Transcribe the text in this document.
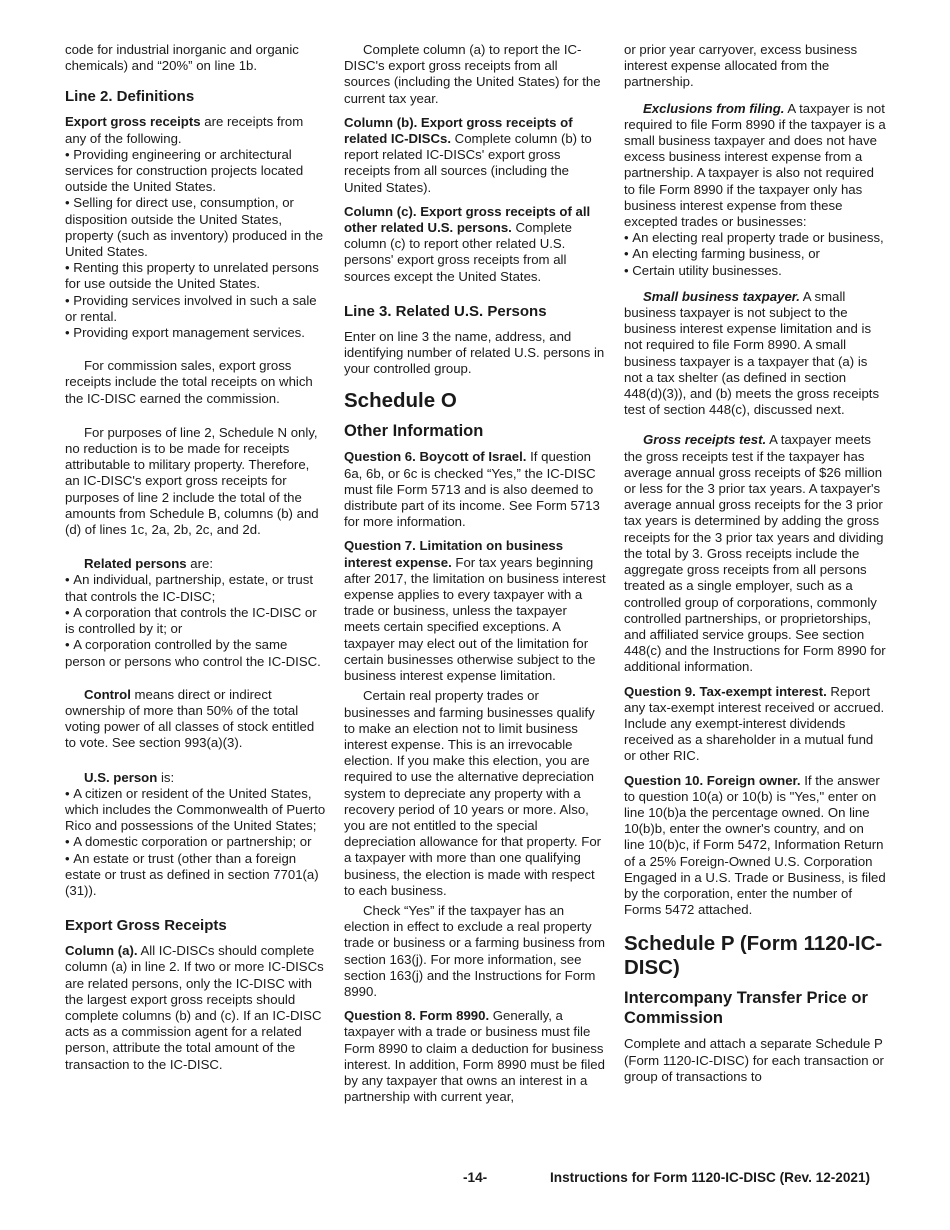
code for industrial inorganic and organic chemicals) and “20%” on line 1b.

Line 2. Definitions

Export gross receipts are receipts from any of the following.

• Providing engineering or architectural services for construction projects located outside the United States.
• Selling for direct use, consumption, or disposition outside the United States, property (such as inventory) produced in the United States.
• Renting this property to unrelated persons for use outside the United States.
• Providing services involved in such a sale or rental.
• Providing export management services.

For commission sales, export gross receipts include the total receipts on which the IC-DISC earned the commission.

For purposes of line 2, Schedule N only, no reduction is to be made for receipts attributable to military property. Therefore, an IC-DISC's export gross receipts for purposes of line 2 include the total of the amounts from Schedule B, columns (b) and (d) of lines 1c, 2a, 2b, 2c, and 2d.

Related persons are:

• An individual, partnership, estate, or trust that controls the IC-DISC;
• A corporation that controls the IC-DISC or is controlled by it; or
• A corporation controlled by the same person or persons who control the IC-DISC.

Control means direct or indirect ownership of more than 50% of the total voting power of all classes of stock entitled to vote. See section 993(a)(3).

U.S. person is:

• A citizen or resident of the United States, which includes the Commonwealth of Puerto Rico and possessions of the United States;
• A domestic corporation or partnership; or
• An estate or trust (other than a foreign estate or trust as defined in section 7701(a)(31)).
Export Gross Receipts

Column (a). All IC-DISCs should complete column (a) in line 2. If two or more IC-DISCs are related persons, only the IC-DISC with the largest export gross receipts should complete columns (b) and (c). If an IC-DISC acts as a commission agent for a related person, attribute the total amount of the transaction to the IC-DISC.

Complete column (a) to report the IC-DISC's export gross receipts from all sources (including the United States) for the current tax year.

Column (b). Export gross receipts of related IC-DISCs. Complete column (b) to report related IC-DISCs' export gross receipts from all sources (including the United States).

Column (c). Export gross receipts of all other related U.S. persons. Complete column (c) to report other related U.S. persons' export gross receipts from all sources except the United States.

Line 3. Related U.S. Persons

Enter on line 3 the name, address, and identifying number of related U.S. persons in your controlled group.

Schedule O
Other Information

Question 6. Boycott of Israel. If question 6a, 6b, or 6c is checked “Yes,” the IC-DISC must file Form 5713 and is also deemed to distribute part of its income. See Form 5713 for more information.

Question 7. Limitation on business interest expense. For tax years beginning after 2017, the limitation on business interest expense applies to every taxpayer with a trade or business, unless the taxpayer meets certain specified exceptions. A taxpayer may elect out of the limitation for certain businesses otherwise subject to the business interest expense limitation.

Certain real property trades or businesses and farming businesses qualify to make an election not to limit business interest expense. This is an irrevocable election. If you make this election, you are required to use the alternative depreciation system to depreciate any property with a recovery period of 10 years or more. Also, you are not entitled to the special depreciation allowance for that property. For a taxpayer with more than one qualifying business, the election is made with respect to each business.

Check “Yes” if the taxpayer has an election in effect to exclude a real property trade or business or a farming business from section 163(j). For more information, see section 163(j) and the Instructions for Form 8990.

Question 8. Form 8990. Generally, a taxpayer with a trade or business must file Form 8990 to claim a deduction for business interest. In addition, Form 8990 must be filed by any taxpayer that owns an interest in a partnership with current year,

or prior year carryover, excess business interest expense allocated from the partnership.

Exclusions from filing. A taxpayer is not required to file Form 8990 if the taxpayer is a small business taxpayer and does not have excess business interest expense from a partnership. A taxpayer is also not required to file Form 8990 if the taxpayer only has business interest expense from these excepted trades or businesses:

• An electing real property trade or business,
• An electing farming business, or
• Certain utility businesses.

Small business taxpayer. A small business taxpayer is not subject to the business interest expense limitation and is not required to file Form 8990. A small business taxpayer is a taxpayer that (a) is not a tax shelter (as defined in section 448(d)(3)), and (b) meets the gross receipts test of section 448(c), discussed next.

Gross receipts test. A taxpayer meets the gross receipts test if the taxpayer has average annual gross receipts of $26 million or less for the 3 prior tax years. A taxpayer's average annual gross receipts for the 3 prior tax years is determined by adding the gross receipts for the 3 prior tax years and dividing the total by 3. Gross receipts include the aggregate gross receipts from all persons treated as a single employer, such as a controlled group of corporations, commonly controlled partnerships, or proprietorships, and affiliated service groups. See section 448(c) and the Instructions for Form 8990 for additional information.

Question 9. Tax-exempt interest. Report any tax-exempt interest received or accrued. Include any exempt-interest dividends received as a shareholder in a mutual fund or other RIC.

Question 10. Foreign owner. If the answer to question 10(a) or 10(b) is "Yes," enter on line 10(b)a the percentage owned. On line 10(b)b, enter the owner's country, and on line 10(b)c, if Form 5472, Information Return of a 25% Foreign-Owned U.S. Corporation Engaged in a U.S. Trade or Business, is filed by the corporation, enter the number of Forms 5472 attached.

Schedule P (Form 1120-IC-DISC)
Intercompany Transfer Price or Commission

Complete and attach a separate Schedule P (Form 1120-IC-DISC) for each transaction or group of transactions to

-14-	Instructions for Form 1120-IC-DISC (Rev. 12-2021)
